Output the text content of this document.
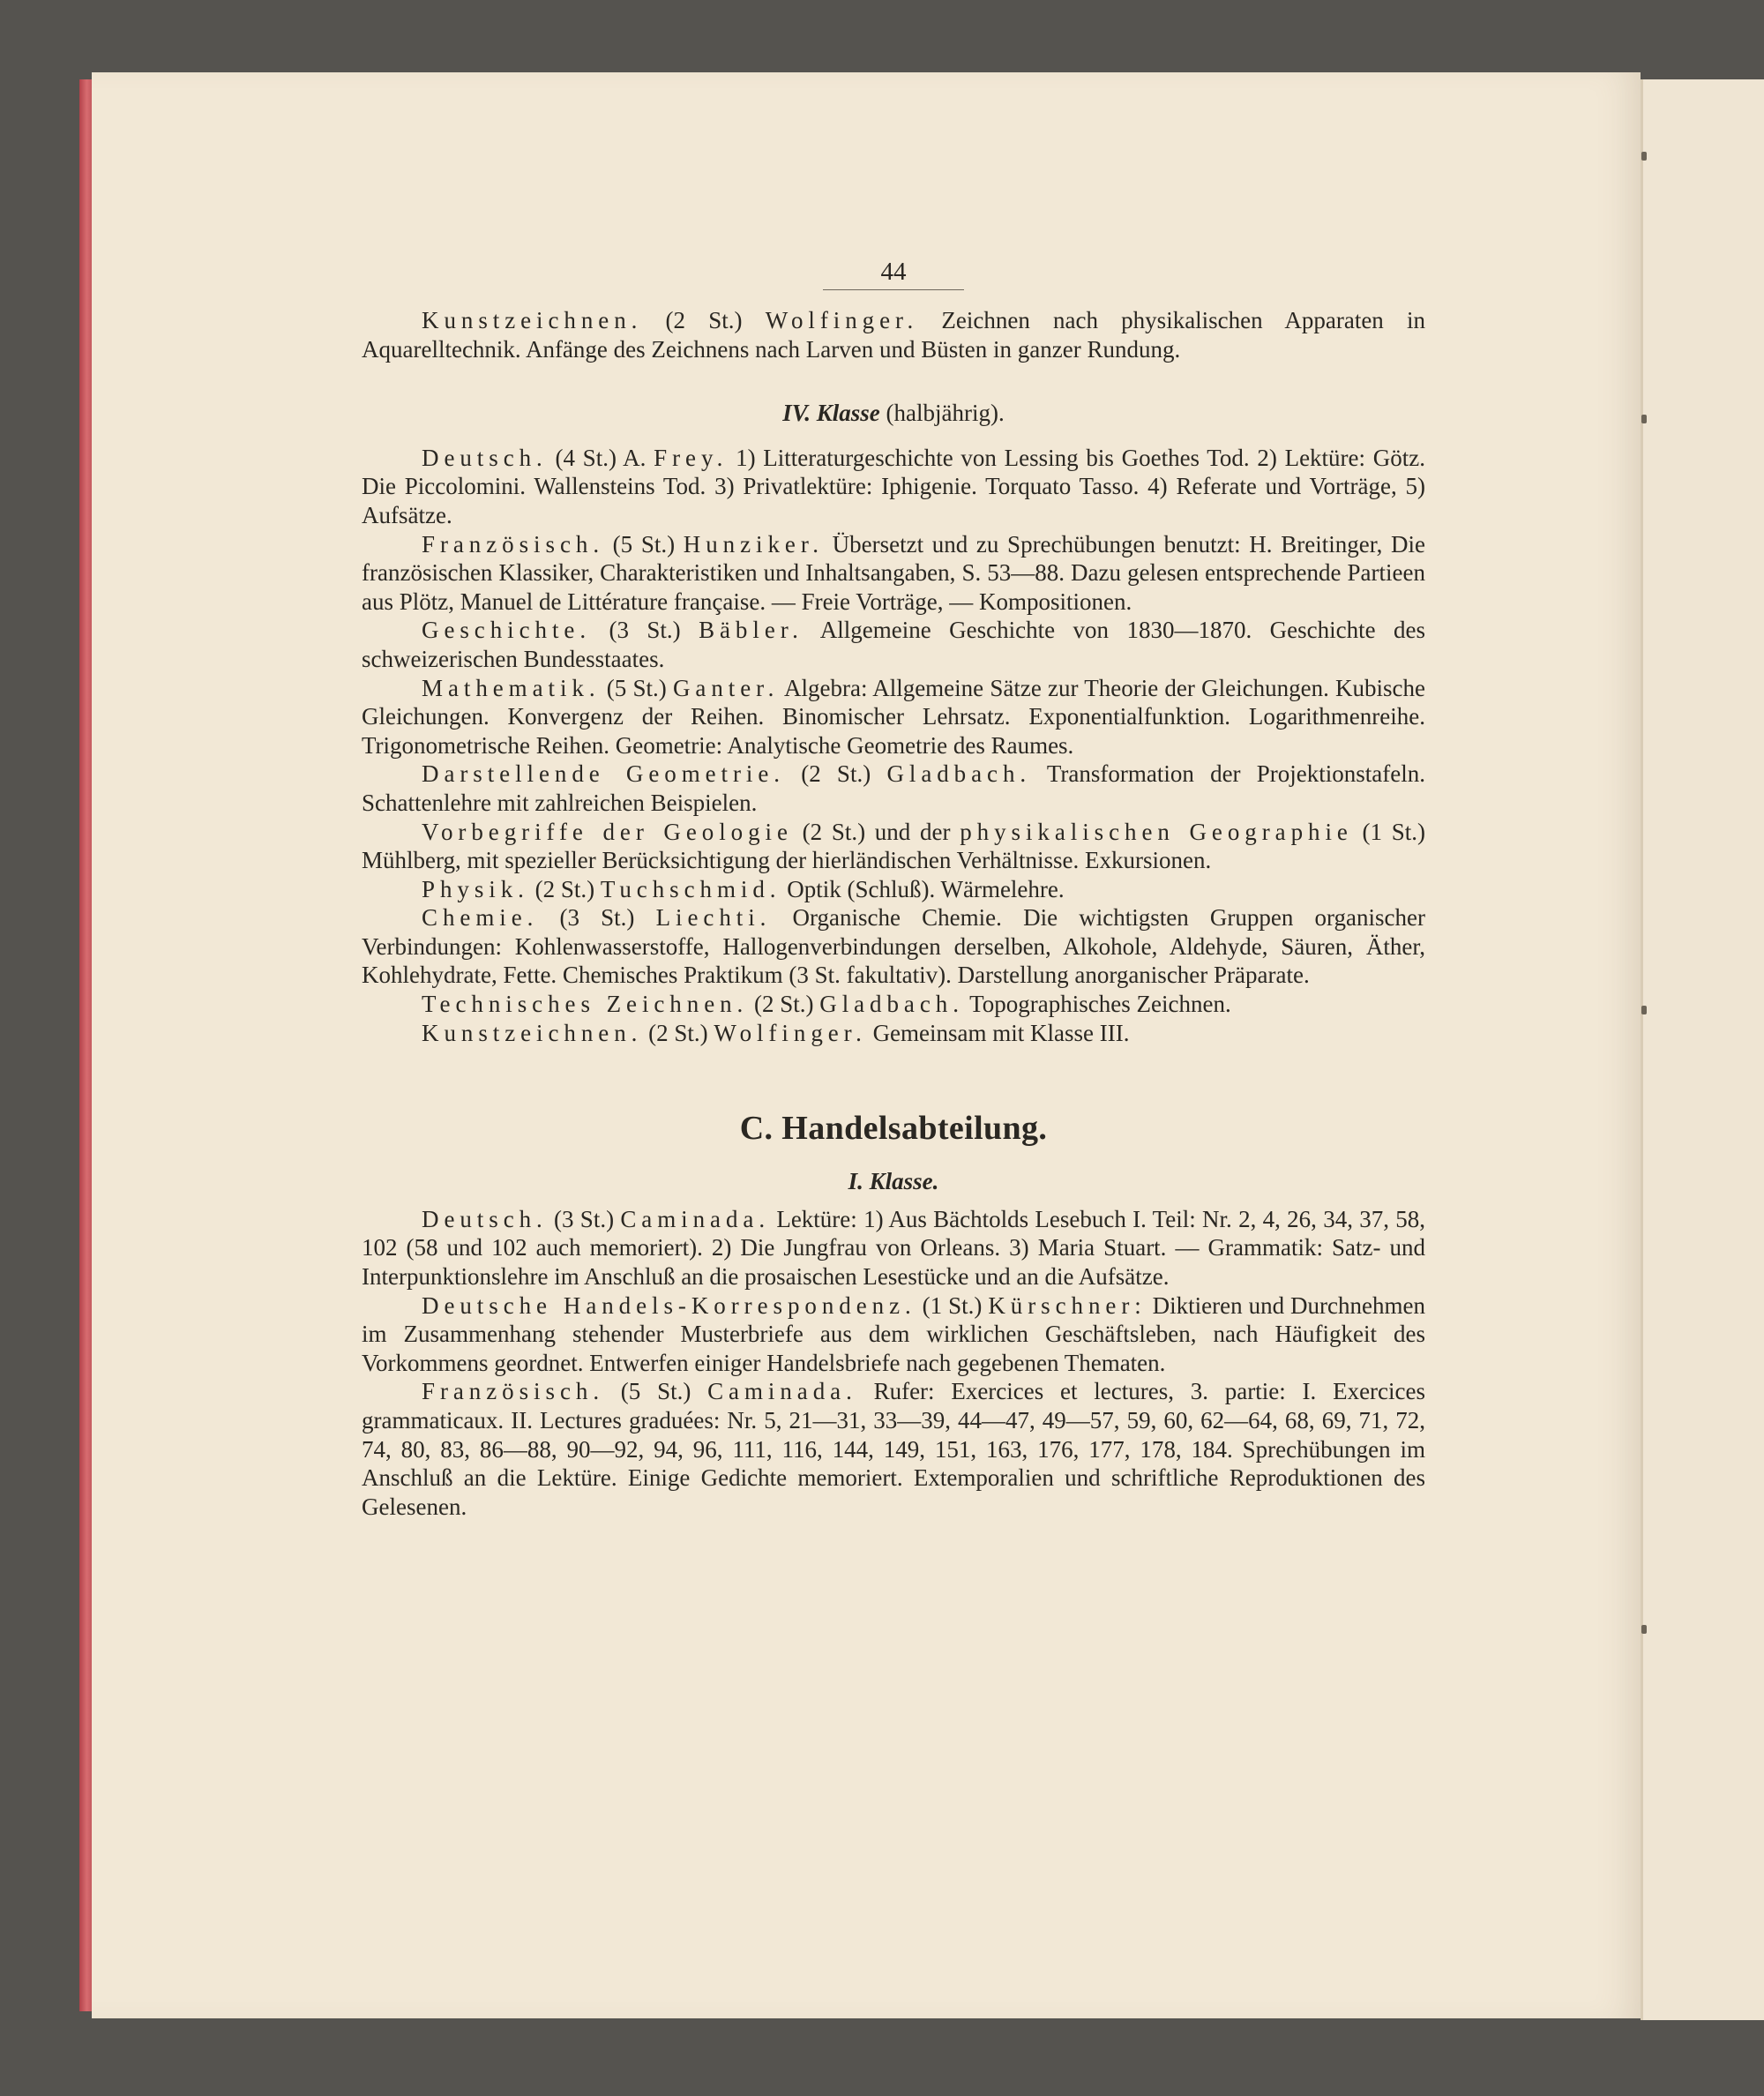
44

Kunstzeichnen. (2 St.) Wolfinger. Zeichnen nach physikalischen Apparaten in Aquarelltechnik. Anfänge des Zeichnens nach Larven und Büsten in ganzer Rundung.

IV. Klasse (halbjährig).

Deutsch. (4 St.) A. Frey. 1) Litteraturgeschichte von Lessing bis Goethes Tod. 2) Lektüre: Götz. Die Piccolomini. Wallensteins Tod. 3) Privatlektüre: Iphigenie. Torquato Tasso. 4) Referate und Vorträge, 5) Aufsätze.

Französisch. (5 St.) Hunziker. Übersetzt und zu Sprechübungen benutzt: H. Breitinger, Die französischen Klassiker, Charakteristiken und Inhaltsangaben, S. 53—88. Dazu gelesen entsprechende Partieen aus Plötz, Manuel de Littérature française. — Freie Vorträge, — Kompositionen.

Geschichte. (3 St.) Bäbler. Allgemeine Geschichte von 1830—1870. Geschichte des schweizerischen Bundesstaates.

Mathematik. (5 St.) Ganter. Algebra: Allgemeine Sätze zur Theorie der Gleichungen. Kubische Gleichungen. Konvergenz der Reihen. Binomischer Lehrsatz. Exponentialfunktion. Logarithmenreihe. Trigonometrische Reihen. Geometrie: Analytische Geometrie des Raumes.

Darstellende Geometrie. (2 St.) Gladbach. Transformation der Projektionstafeln. Schattenlehre mit zahlreichen Beispielen.

Vorbegriffe der Geologie (2 St.) und der physikalischen Geographie (1 St.) Mühlberg, mit spezieller Berücksichtigung der hierländischen Verhältnisse. Exkursionen.

Physik. (2 St.) Tuchschmid. Optik (Schluß). Wärmelehre.

Chemie. (3 St.) Liechti. Organische Chemie. Die wichtigsten Gruppen organischer Verbindungen: Kohlenwasserstoffe, Hallogenverbindungen derselben, Alkohole, Aldehyde, Säuren, Äther, Kohlehydrate, Fette. Chemisches Praktikum (3 St. fakultativ). Darstellung anorganischer Präparate.

Technisches Zeichnen. (2 St.) Gladbach. Topographisches Zeichnen.

Kunstzeichnen. (2 St.) Wolfinger. Gemeinsam mit Klasse III.

C. Handelsabteilung.
I. Klasse.

Deutsch. (3 St.) Caminada. Lektüre: 1) Aus Bächtolds Lesebuch I. Teil: Nr. 2, 4, 26, 34, 37, 58, 102 (58 und 102 auch memoriert). 2) Die Jungfrau von Orleans. 3) Maria Stuart. — Grammatik: Satz- und Interpunktionslehre im Anschluß an die prosaischen Lesestücke und an die Aufsätze.

Deutsche Handels-Korrespondenz. (1 St.) Kürschner: Diktieren und Durchnehmen im Zusammenhang stehender Musterbriefe aus dem wirklichen Geschäftsleben, nach Häufigkeit des Vorkommens geordnet. Entwerfen einiger Handelsbriefe nach gegebenen Thematen.

Französisch. (5 St.) Caminada. Rufer: Exercices et lectures, 3. partie: I. Exercices grammaticaux. II. Lectures graduées: Nr. 5, 21—31, 33—39, 44—47, 49—57, 59, 60, 62—64, 68, 69, 71, 72, 74, 80, 83, 86—88, 90—92, 94, 96, 111, 116, 144, 149, 151, 163, 176, 177, 178, 184. Sprechübungen im Anschluß an die Lektüre. Einige Gedichte memoriert. Extemporalien und schriftliche Reproduktionen des Gelesenen.
